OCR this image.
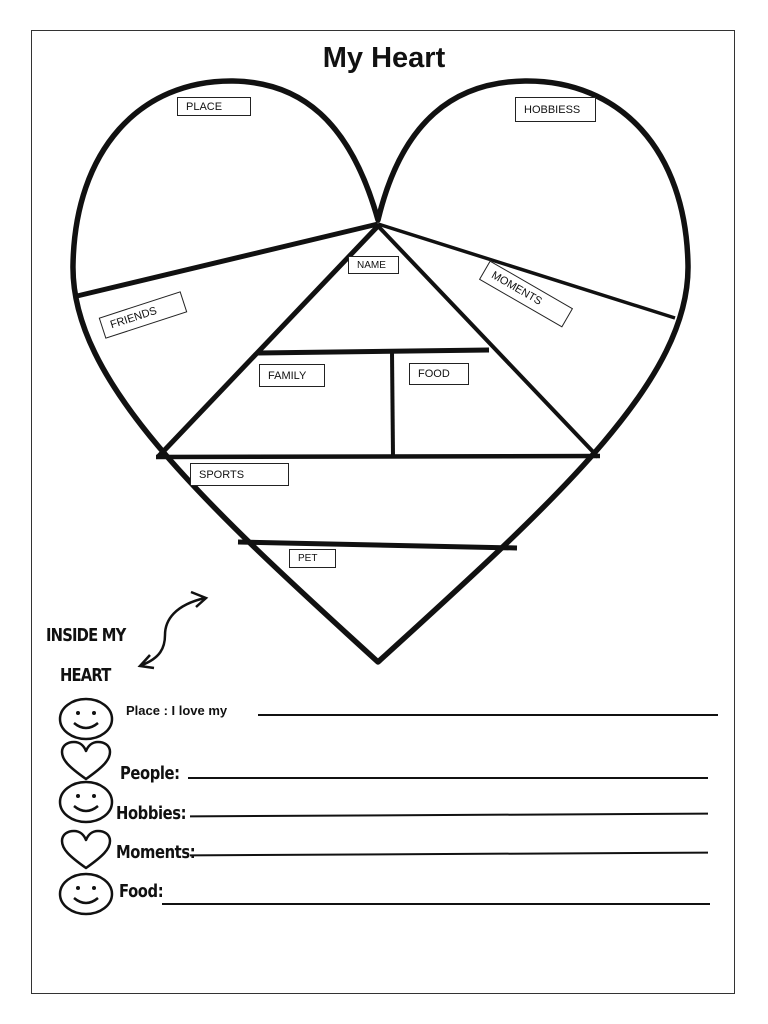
My Heart
PLACE	HOBBIESS
NAME
FRIENDS
MOMENTS
FAMILY	FOOD
SPORTS
PET
INSIDE MY
HEART
Place : I love my
People:
Hobbies:
Moments:
Food:
